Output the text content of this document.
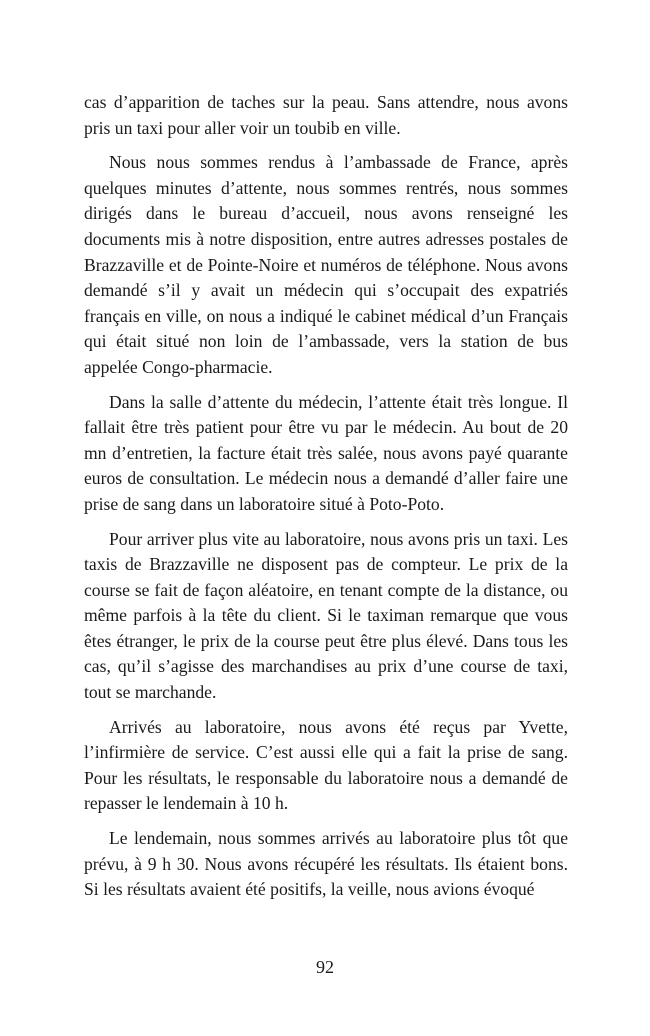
cas d’apparition de taches sur la peau. Sans attendre, nous avons pris un taxi pour aller voir un toubib en ville.

Nous nous sommes rendus à l’ambassade de France, après quelques minutes d’attente, nous sommes rentrés, nous sommes dirigés dans le bureau d’accueil, nous avons renseigné les documents mis à notre disposition, entre autres adresses postales de Brazzaville et de Pointe-Noire et numéros de téléphone. Nous avons demandé s’il y avait un médecin qui s’occupait des expatriés français en ville, on nous a indiqué le cabinet médical d’un Français qui était situé non loin de l’ambassade, vers la station de bus appelée Congo-pharmacie.

Dans la salle d’attente du médecin, l’attente était très longue. Il fallait être très patient pour être vu par le médecin. Au bout de 20 mn d’entretien, la facture était très salée, nous avons payé quarante euros de consultation. Le médecin nous a demandé d’aller faire une prise de sang dans un laboratoire situé à Poto-Poto.

Pour arriver plus vite au laboratoire, nous avons pris un taxi. Les taxis de Brazzaville ne disposent pas de compteur. Le prix de la course se fait de façon aléatoire, en tenant compte de la distance, ou même parfois à la tête du client. Si le taximan remarque que vous êtes étranger, le prix de la course peut être plus élevé. Dans tous les cas, qu’il s’agisse des marchandises au prix d’une course de taxi, tout se marchande.

Arrivés au laboratoire, nous avons été reçus par Yvette, l’infirmière de service. C’est aussi elle qui a fait la prise de sang. Pour les résultats, le responsable du laboratoire nous a demandé de repasser le lendemain à 10 h.

Le lendemain, nous sommes arrivés au laboratoire plus tôt que prévu, à 9 h 30. Nous avons récupéré les résultats. Ils étaient bons. Si les résultats avaient été positifs, la veille, nous avions évoqué

92
